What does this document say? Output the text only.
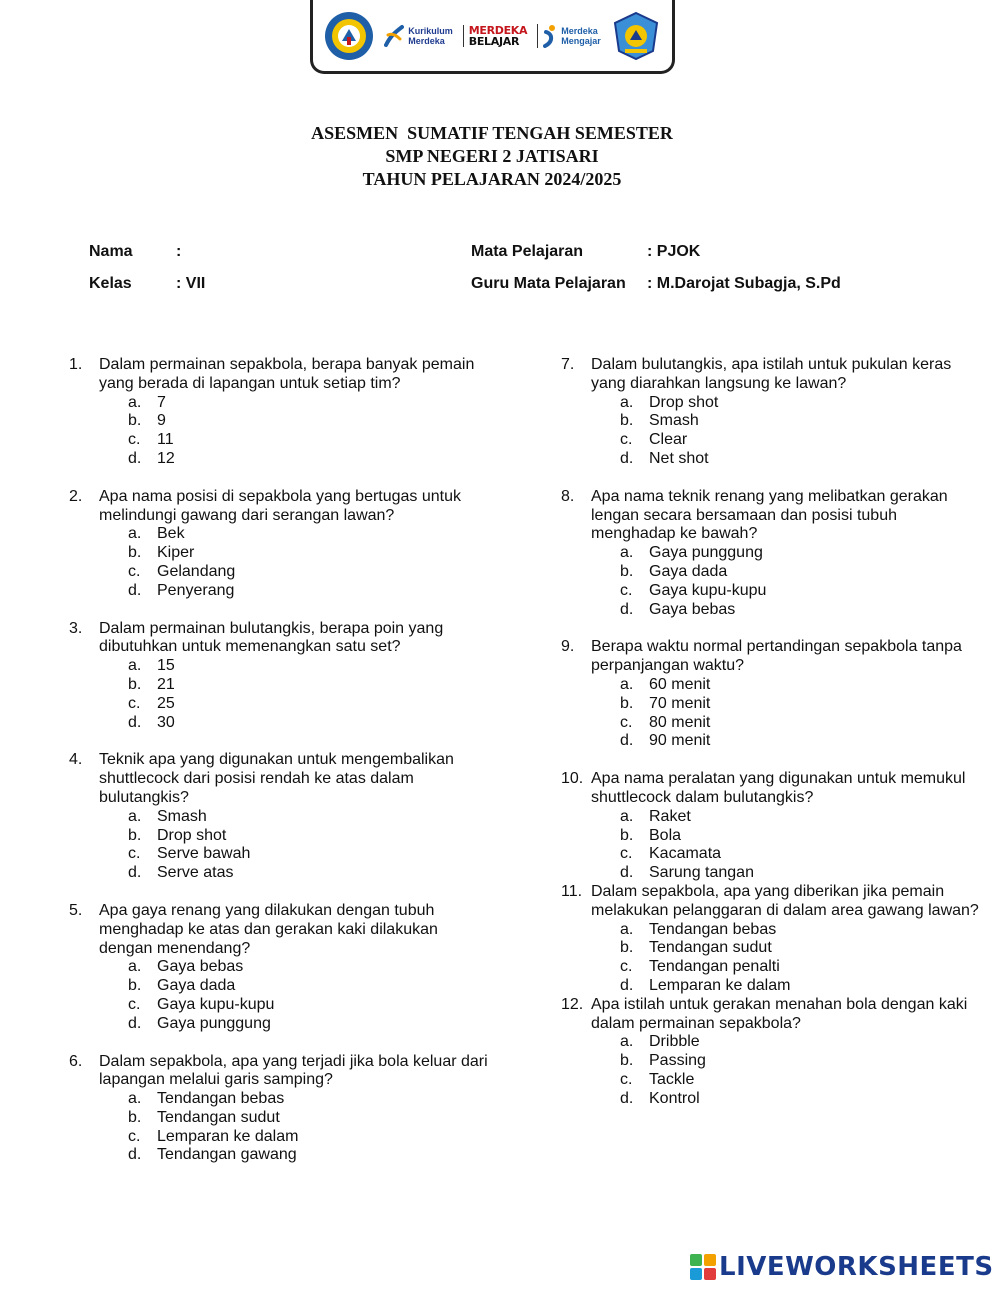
Kurikulum
Merdeka
MERDEKA
BELAJAR
Merdeka
Mengajar
ASESMEN  SUMATIF TENGAH SEMESTER
SMP NEGERI 2 JATISARI
TAHUN PELAJARAN 2024/2025
Nama	:
Kelas	: VII
Mata Pelajaran	: PJOK
Guru Mata Pelajaran : M.Darojat Subagja, S.Pd
1. Dalam permainan sepakbola, berapa banyak pemain yang berada di lapangan untuk setiap tim?
a. 7
b. 9
c. 11
d. 12
2. Apa nama posisi di sepakbola yang bertugas untuk melindungi gawang dari serangan lawan?
a. Bek
b. Kiper
c. Gelandang
d. Penyerang
3. Dalam permainan bulutangkis, berapa poin yang dibutuhkan untuk memenangkan satu set?
a. 15
b. 21
c. 25
d. 30
4. Teknik apa yang digunakan untuk mengembalikan shuttlecock dari posisi rendah ke atas dalam bulutangkis?
a. Smash
b. Drop shot
c. Serve bawah
d. Serve atas
5. Apa gaya renang yang dilakukan dengan tubuh menghadap ke atas dan gerakan kaki dilakukan dengan menendang?
a. Gaya bebas
b. Gaya dada
c. Gaya kupu-kupu
d. Gaya punggung
6. Dalam sepakbola, apa yang terjadi jika bola keluar dari lapangan melalui garis samping?
a. Tendangan bebas
b. Tendangan sudut
c. Lemparan ke dalam
d. Tendangan gawang
7. Dalam bulutangkis, apa istilah untuk pukulan keras yang diarahkan langsung ke lawan?
a. Drop shot
b. Smash
c. Clear
d. Net shot
8. Apa nama teknik renang yang melibatkan gerakan lengan secara bersamaan dan posisi tubuh menghadap ke bawah?
a. Gaya punggung
b. Gaya dada
c. Gaya kupu-kupu
d. Gaya bebas
9. Berapa waktu normal pertandingan sepakbola tanpa perpanjangan waktu?
a. 60 menit
b. 70 menit
c. 80 menit
d. 90 menit
10. Apa nama peralatan yang digunakan untuk memukul shuttlecock dalam bulutangkis?
a. Raket
b. Bola
c. Kacamata
d. Sarung tangan
11. Dalam sepakbola, apa yang diberikan jika pemain melakukan pelanggaran di dalam area gawang lawan?
a. Tendangan bebas
b. Tendangan sudut
c. Tendangan penalti
d. Lemparan ke dalam
12. Apa istilah untuk gerakan menahan bola dengan kaki dalam permainan sepakbola?
a. Dribble
b. Passing
c. Tackle
d. Kontrol
LIVEWORKSHEETS
